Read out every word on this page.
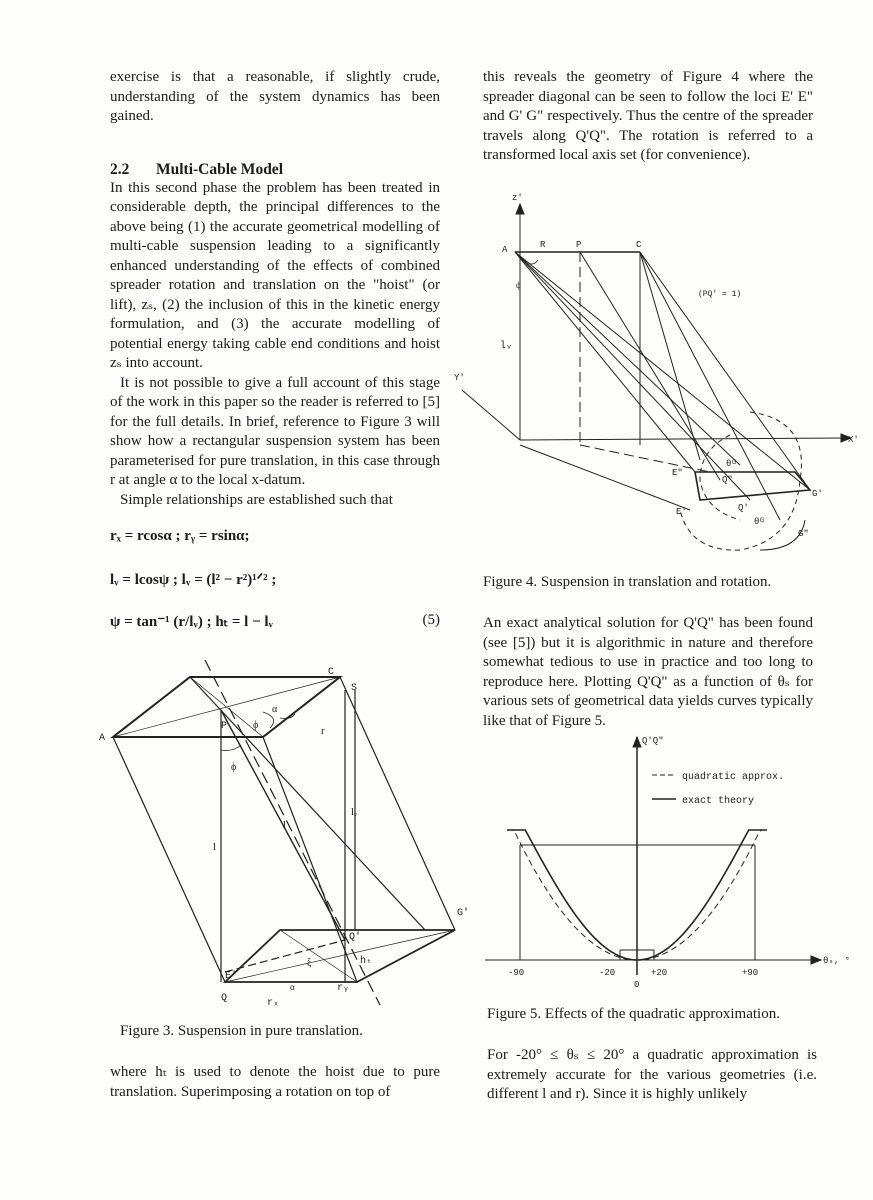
exercise is that a reasonable, if slightly crude, understanding of the system dynamics has been gained.

2.2 Multi-Cable Model

In this second phase the problem has been treated in considerable depth, the principal differences to the above being (1) the accurate geometrical modelling of multi-cable suspension leading to a significantly enhanced understanding of the effects of combined spreader rotation and translation on the "hoist" (or lift), zₛ, (2) the inclusion of this in the kinetic energy formulation, and (3) the accurate modelling of potential energy taking cable end conditions and hoist zₛ into account.

It is not possible to give a full account of this stage of the work in this paper so the reader is referred to [5] for the full details. In brief, reference to Figure 3 will show how a rectangular suspension system has been parameterised for pure translation, in this case through r at angle α to the local x-datum.

Simple relationships are established such that

rₓ = rcosα ; rᵧ = rsinα;
lᵥ = lcosψ ; lᵥ = (l² − r²)¹ᐟ² ;
ψ = tan⁻¹ (r/lᵥ) ; hₜ = l − lᵥ	(5)
A
C
S
P	r
α
ϕ
ϕ
l
lᵥ
l
G'
Q
Q'
E'
hₜ
rₓ
rᵧ
ξ
α

Figure 3. Suspension in pure translation.

where hₜ is used to denote the hoist due to pure translation. Superimposing a rotation on top of

this reveals the geometry of Figure 4 where the spreader diagonal can be seen to follow the loci E' E" and G' G" respectively. Thus the centre of the spreader travels along Q'Q". The rotation is referred to a transformed local axis set (for convenience).

z'
A	R	P	C
ϕ
lᵥ
(PQ' = 1)
Y'
X'
E"
Q"
θᴳ
E'	Q'
G'
θᴳ
G"

Figure 4. Suspension in translation and rotation.

An exact analytical solution for Q'Q" has been found (see [5]) but it is algorithmic in nature and therefore somewhat tedious to use in practice and too long to reproduce here. Plotting Q'Q" as a function of θₛ for various sets of geometrical data yields curves typically like that of Figure 5.

Q'Q"
quadratic approx.
exact theory
θₛ, °
-90	-20
0
+20	+90

Figure 5. Effects of the quadratic approximation.

For -20° ≤ θₛ ≤ 20° a quadratic approximation is extremely accurate for the various geometries (i.e. different l and r). Since it is highly unlikely
